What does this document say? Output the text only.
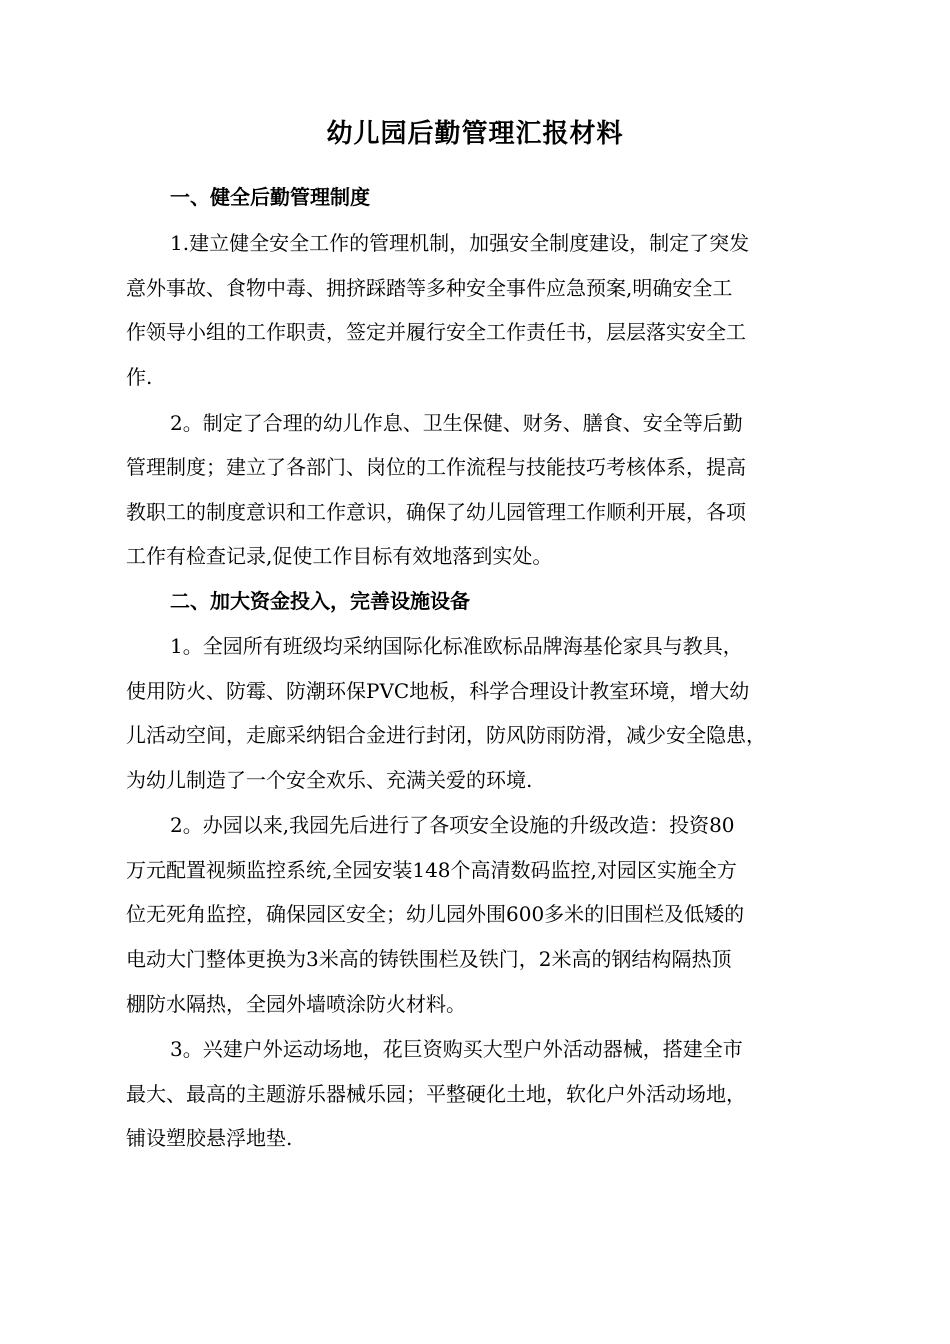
幼儿园后勤管理汇报材料
一、健全后勤管理制度
1.建立健全安全工作的管理机制，加强安全制度建设，制定了突发
意外事故、食物中毒、拥挤踩踏等多种安全事件应急预案,明确安全工
作领导小组的工作职责，签定并履行安全工作责任书，层层落实安全工
作.
2。制定了合理的幼儿作息、卫生保健、财务、膳食、安全等后勤
管理制度；建立了各部门、岗位的工作流程与技能技巧考核体系，提高
教职工的制度意识和工作意识，确保了幼儿园管理工作顺利开展，各项
工作有检查记录,促使工作目标有效地落到实处。
二、加大资金投入，完善设施设备
1。全园所有班级均采纳国际化标准欧标品牌海基伦家具与教具，
使用防火、防霉、防潮环保PVC地板，科学合理设计教室环境，增大幼
儿活动空间，走廊采纳铝合金进行封闭，防风防雨防滑，减少安全隐患，
为幼儿制造了一个安全欢乐、充满关爱的环境.
2。办园以来,我园先后进行了各项安全设施的升级改造：投资80
万元配置视频监控系统,全园安装148个高清数码监控,对园区实施全方
位无死角监控，确保园区安全；幼儿园外围600多米的旧围栏及低矮的
电动大门整体更换为3米高的铸铁围栏及铁门，2米高的钢结构隔热顶
棚防水隔热，全园外墙喷涂防火材料。
3。兴建户外运动场地，花巨资购买大型户外活动器械，搭建全市
最大、最高的主题游乐器械乐园；平整硬化土地，软化户外活动场地，
铺设塑胶悬浮地垫.
